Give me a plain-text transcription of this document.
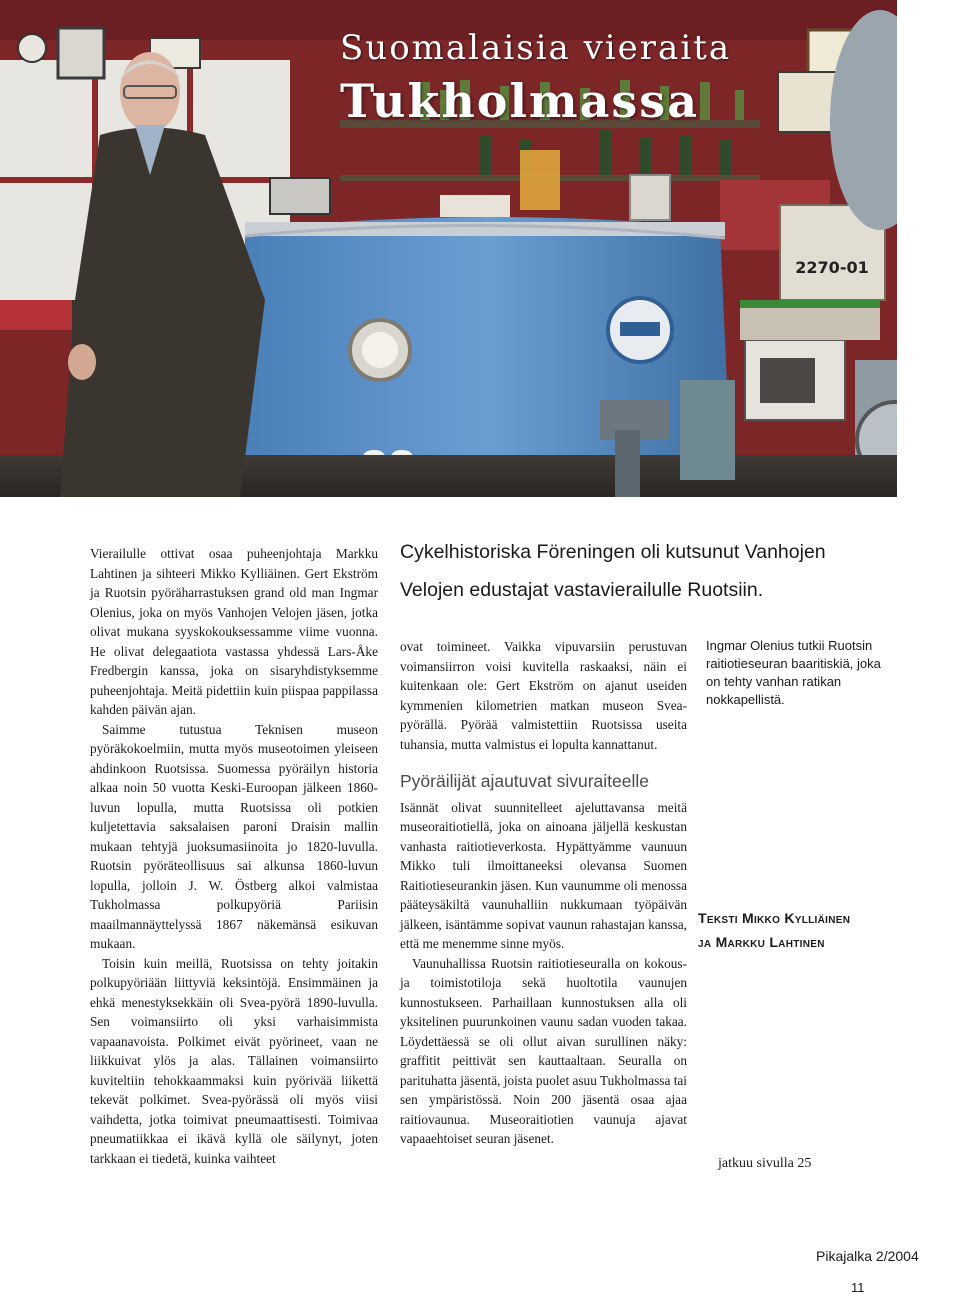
2270-01
Suomalaisia vieraita
Tukholmassa

Vierailulle ottivat osaa puheenjohtaja Markku Lahtinen ja sihteeri Mikko Kylliäinen. Gert Ekström ja Ruotsin pyöräharrastuksen grand old man Ingmar Olenius, joka on myös Vanhojen Velojen jäsen, jotka olivat mukana syyskokouksessamme viime vuonna. He olivat delegaatiota vastassa yhdessä Lars-Åke Fredbergin kanssa, joka on sisaryhdistyksemme puheenjohtaja. Meitä pidettiin kuin piispaa pappilassa kahden päivän ajan.

Saimme tutustua Teknisen museon pyöräkokoelmiin, mutta myös museotoimen yleiseen ahdinkoon Ruotsissa. Suomessa pyöräilyn historia alkaa noin 50 vuotta Keski-Euroopan jälkeen 1860-luvun lopulla, mutta Ruotsissa oli potkien kuljetettavia saksalaisen paroni Draisin mallin mukaan tehtyjä juoksumasiinoita jo 1820-luvulla. Ruotsin pyöräteollisuus sai alkunsa 1860-luvun lopulla, jolloin J. W. Östberg alkoi valmistaa Tukholmassa polkupyöriä Pariisin maailmannäyttelyssä 1867 näkemänsä esikuvan mukaan.

Toisin kuin meillä, Ruotsissa on tehty joitakin polkupyöriään liittyviä keksintöjä. Ensimmäinen ja ehkä menestyksekkäin oli Svea-pyörä 1890-luvulla. Sen voimansiirto oli yksi varhaisimmista vapaanavoista. Polkimet eivät pyörineet, vaan ne liikkuivat ylös ja alas. Tällainen voimansiirto kuviteltiin tehokkaammaksi kuin pyörivää liikettä tekevät polkimet. Svea-pyörässä oli myös viisi vaihdetta, jotka toimivat pneumaattisesti. Toimivaa pneumatiikkaa ei ikävä kyllä ole säilynyt, joten tarkkaan ei tiedetä, kuinka vaihteet

Cykelhistoriska Föreningen oli kutsunut Vanhojen Velojen edustajat vastavierailulle Ruotsiin.

ovat toimineet. Vaikka vipuvarsiin perustuvan voimansiirron voisi kuvitella raskaaksi, näin ei kuitenkaan ole: Gert Ekström on ajanut useiden kymmenien kilometrien matkan museon Svea-pyörällä. Pyörää valmistettiin Ruotsissa useita tuhansia, mutta valmistus ei lopulta kannattanut.

Pyöräilijät ajautuvat sivuraiteelle

Isännät olivat suunnitelleet ajeluttavansa meitä museoraitiotiellä, joka on ainoana jäljellä keskustan vanhasta raitiotieverkosta. Hypättyämme vaunuun Mikko tuli ilmoittaneeksi olevansa Suomen Raitiotieseurankin jäsen. Kun vaunumme oli menossa pääteysäkiltä vaunuhalliin nukkumaan työpäivän jälkeen, isäntämme sopivat vaunun rahastajan kanssa, että me menemme sinne myös.

Vaunuhallissa Ruotsin raitiotieseuralla on kokous- ja toimistotiloja sekä huoltotila vaunujen kunnostukseen. Parhaillaan kunnostuksen alla oli yksitelinen puurunkoinen vaunu sadan vuoden takaa. Löydettäessä se oli ollut aivan surullinen näky: graffitit peittivät sen kauttaaltaan. Seuralla on parituhatta jäsentä, joista puolet asuu Tukholmassa tai sen ympäristössä. Noin 200 jäsentä osaa ajaa raitiovaunua. Museoraitiotien vaunuja ajavat vapaaehtoiset seuran jäsenet.

Ingmar Olenius tutkii Ruotsin raitiotieseuran baaritiskiä, joka on tehty vanhan ratikan nokkapellistä.
Teksti Mikko Kylliäinen
ja Markku Lahtinen
jatkuu sivulla 25
Pikajalka 2/2004
11
